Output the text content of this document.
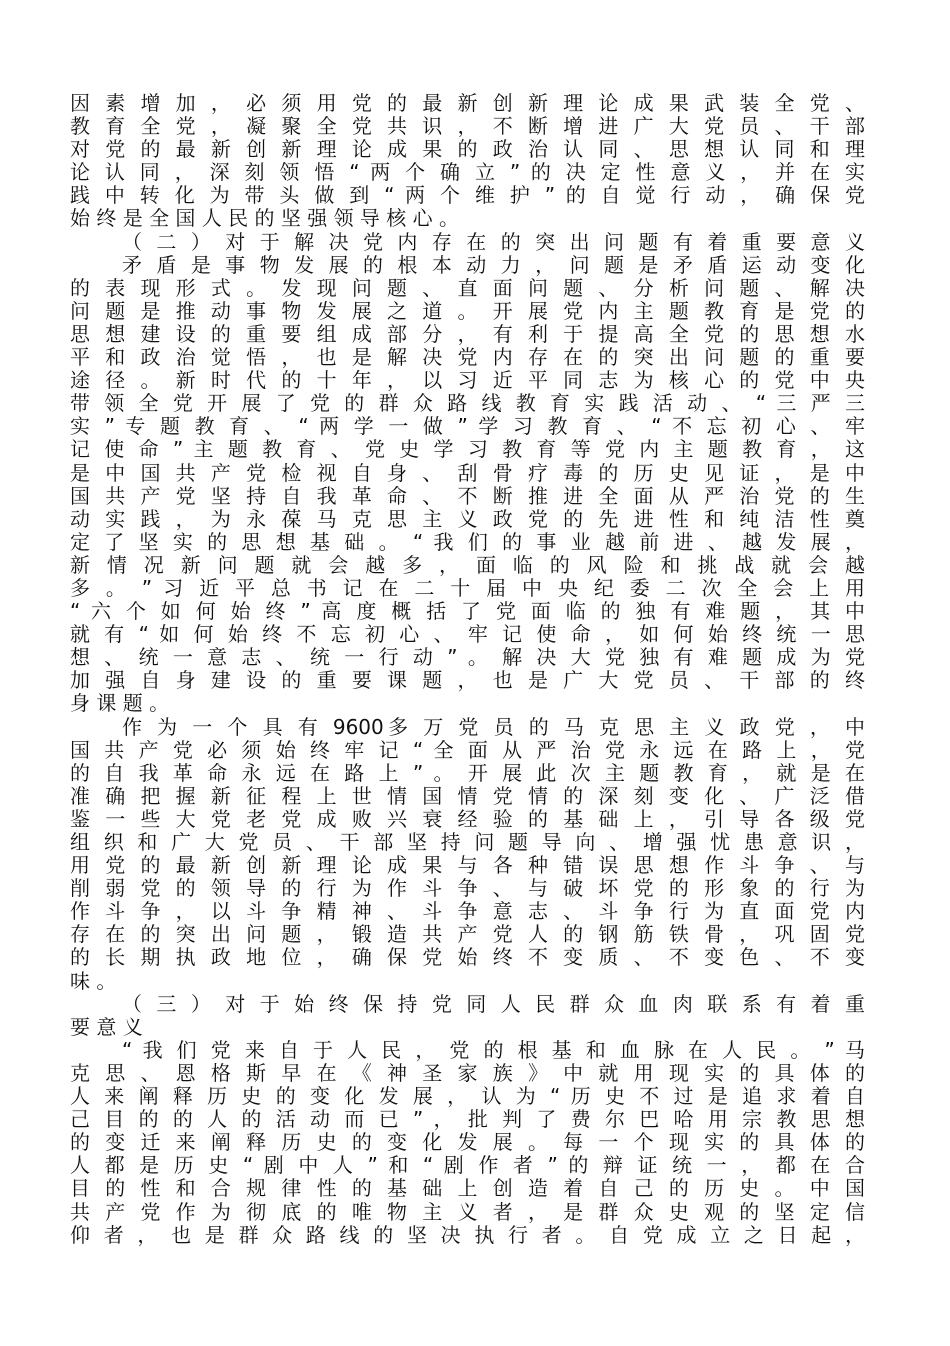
因 素 增 加 ， 必 须 用 党 的 最 新 创 新 理 论 成 果 武 装 全 党 、
教 育 全 党 ， 凝 聚 全 党 共 识 ， 不 断 增 进 广 大 党 员 、 干 部
对 党 的 最 新 创 新 理 论 成 果 的 政 治 认 同 、 思 想 认 同 和 理
论 认 同 ， 深 刻 领 悟 “ 两 个 确 立 ” 的 决 定 性 意 义 ， 并 在 实
践 中 转 化 为 带 头 做 到 “ 两 个 维 护 ” 的 自 觉 行 动 ， 确 保 党
始 终 是 全 国 人 民 的 坚 强 领 导 核 心 。
（ 二 ） 对 于 解 决 党 内 存 在 的 突 出 问 题 有 着 重 要 意 义
矛 盾 是 事 物 发 展 的 根 本 动 力 ， 问 题 是 矛 盾 运 动 变 化
的 表 现 形 式 。 发 现 问 题 、 直 面 问 题 、 分 析 问 题 、 解 决
问 题 是 推 动 事 物 发 展 之 道 。 开 展 党 内 主 题 教 育 是 党 的
思 想 建 设 的 重 要 组 成 部 分 ， 有 利 于 提 高 全 党 的 思 想 水
平 和 政 治 觉 悟 ， 也 是 解 决 党 内 存 在 的 突 出 问 题 的 重 要
途 径 。 新 时 代 的 十 年 ， 以 习 近 平 同 志 为 核 心 的 党 中 央
带 领 全 党 开 展 了 党 的 群 众 路 线 教 育 实 践 活 动 、 “ 三 严 三
实 ” 专 题 教 育 、 “ 两 学 一 做 ” 学 习 教 育 、 “ 不 忘 初 心 、 牢
记 使 命 ” 主 题 教 育 、 党 史 学 习 教 育 等 党 内 主 题 教 育 ， 这
是 中 国 共 产 党 检 视 自 身 、 刮 骨 疗 毒 的 历 史 见 证 ， 是 中
国 共 产 党 坚 持 自 我 革 命 、 不 断 推 进 全 面 从 严 治 党 的 生
动 实 践 ， 为 永 葆 马 克 思 主 义 政 党 的 先 进 性 和 纯 洁 性 奠
定 了 坚 实 的 思 想 基 础 。 “ 我 们 的 事 业 越 前 进 、 越 发 展 ，
新 情 况 新 问 题 就 会 越 多 ， 面 临 的 风 险 和 挑 战 就 会 越
多 。 ” 习 近 平 总 书 记 在 二 十 届 中 央 纪 委 二 次 全 会 上 用
“ 六 个 如 何 始 终 ” 高 度 概 括 了 党 面 临 的 独 有 难 题 ， 其 中
就 有 “ 如 何 始 终 不 忘 初 心 、 牢 记 使 命 ， 如 何 始 终 统 一 思
想 、 统 一 意 志 、 统 一 行 动 ” 。 解 决 大 党 独 有 难 题 成 为 党
加 强 自 身 建 设 的 重 要 课 题 ， 也 是 广 大 党 员 、 干 部 的 终
身 课 题 。
作 为 一 个 具 有 9600多 万 党 员 的 马 克 思 主 义 政 党 ， 中
国 共 产 党 必 须 始 终 牢 记 “ 全 面 从 严 治 党 永 远 在 路 上 ， 党
的 自 我 革 命 永 远 在 路 上 ” 。 开 展 此 次 主 题 教 育 ， 就 是 在
准 确 把 握 新 征 程 上 世 情 国 情 党 情 的 深 刻 变 化 、 广 泛 借
鉴 一 些 大 党 老 党 成 败 兴 衰 经 验 的 基 础 上 ， 引 导 各 级 党
组 织 和 广 大 党 员 、 干 部 坚 持 问 题 导 向 、 增 强 忧 患 意 识 ，
用 党 的 最 新 创 新 理 论 成 果 与 各 种 错 误 思 想 作 斗 争 、 与
削 弱 党 的 领 导 的 行 为 作 斗 争 、 与 破 坏 党 的 形 象 的 行 为
作 斗 争 ， 以 斗 争 精 神 、 斗 争 意 志 、 斗 争 行 为 直 面 党 内
存 在 的 突 出 问 题 ， 锻 造 共 产 党 人 的 钢 筋 铁 骨 ， 巩 固 党
的 长 期 执 政 地 位 ， 确 保 党 始 终 不 变 质 、 不 变 色 、 不 变
味 。
（ 三 ） 对 于 始 终 保 持 党 同 人 民 群 众 血 肉 联 系 有 着 重
要 意 义
“ 我 们 党 来 自 于 人 民 ， 党 的 根 基 和 血 脉 在 人 民 。 ” 马
克 思 、 恩 格 斯 早 在 《 神 圣 家 族 》 中 就 用 现 实 的 具 体 的
人 来 阐 释 历 史 的 变 化 发 展 ， 认 为 “ 历 史 不 过 是 追 求 着 自
己 目 的 的 人 的 活 动 而 已 ” ， 批 判 了 费 尔 巴 哈 用 宗 教 思 想
的 变 迁 来 阐 释 历 史 的 变 化 发 展 。 每 一 个 现 实 的 具 体 的
人 都 是 历 史 “ 剧 中 人 ” 和 “ 剧 作 者 ” 的 辩 证 统 一 ， 都 在 合
目 的 性 和 合 规 律 性 的 基 础 上 创 造 着 自 己 的 历 史 。 中 国
共 产 党 作 为 彻 底 的 唯 物 主 义 者 ， 是 群 众 史 观 的 坚 定 信
仰 者 ， 也 是 群 众 路 线 的 坚 决 执 行 者 。 自 党 成 立 之 日 起 ，
